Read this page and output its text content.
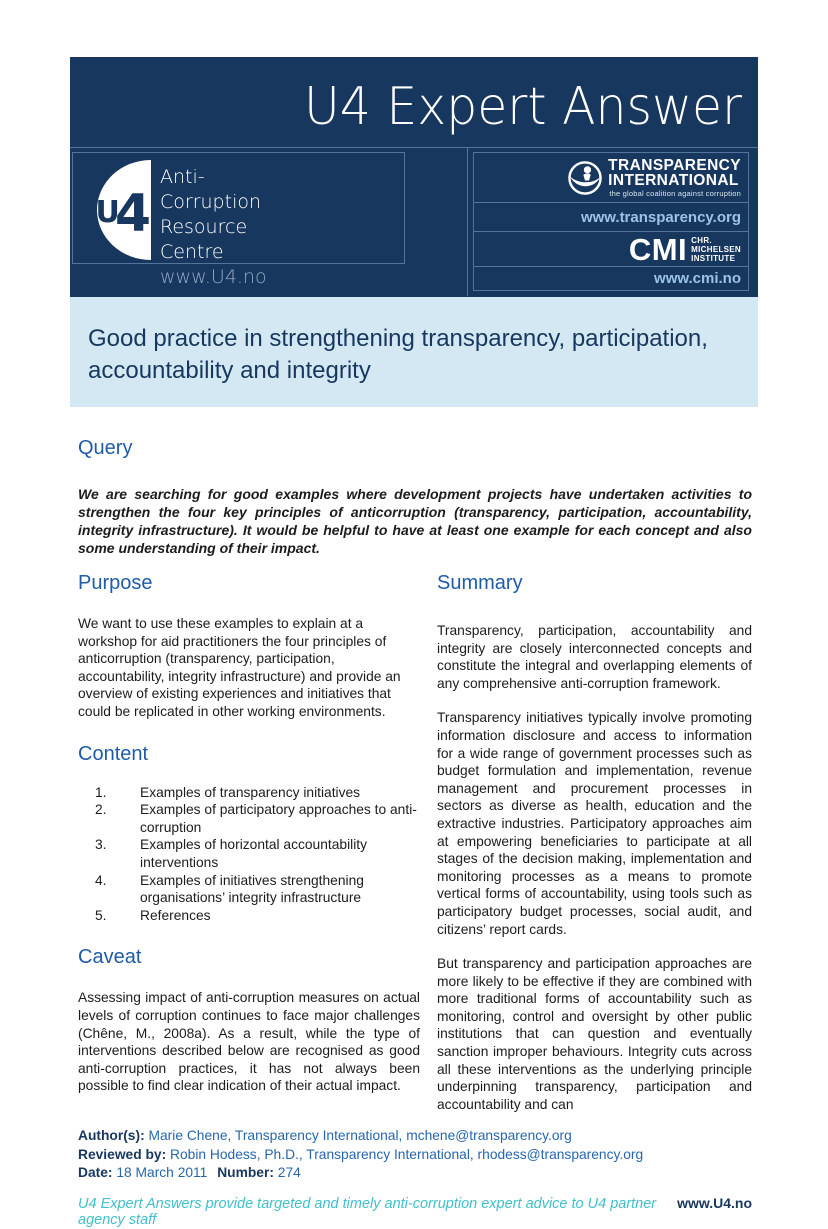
U4 Expert Answer
U
4
Anti-
Corruption
Resource
Centre
www.U4.no
TRANSPARENCY
INTERNATIONAL
the global coalition against corruption
www.transparency.org
CMI CHR.
MICHELSEN
INSTITUTE
www.cmi.no
Good practice in strengthening transparency, participation, accountability and integrity
Query

We are searching for good examples where development projects have undertaken activities to strengthen the four key principles of anticorruption (transparency, participation, accountability, integrity infrastructure). It would be helpful to have at least one example for each concept and also some understanding of their impact.

Purpose

We want to use these examples to explain at a workshop for aid practitioners the four principles of anticorruption (transparency, participation, accountability, integrity infrastructure) and provide an overview of existing experiences and initiatives that could be replicated in other working environments.

Content
1.	Examples of transparency initiatives
2.	Examples of participatory approaches to anti-corruption
3.	Examples of horizontal accountability interventions
4.	Examples of initiatives strengthening organisations’ integrity infrastructure
5.	References
Caveat

Assessing impact of anti-corruption measures on actual levels of corruption continues to face major challenges (Chêne, M., 2008a). As a result, while the type of interventions described below are recognised as good anti-corruption practices, it has not always been possible to find clear indication of their actual impact.

Summary

Transparency, participation, accountability and integrity are closely interconnected concepts and constitute the integral and overlapping elements of any comprehensive anti-corruption framework.

Transparency initiatives typically involve promoting information disclosure and access to information for a wide range of government processes such as budget formulation and implementation, revenue management and procurement processes in sectors as diverse as health, education and the extractive industries. Participatory approaches aim at empowering beneficiaries to participate at all stages of the decision making, implementation and monitoring processes as a means to promote vertical forms of accountability, using tools such as participatory budget processes, social audit, and citizens’ report cards.

But transparency and participation approaches are more likely to be effective if they are combined with more traditional forms of accountability such as monitoring, control and oversight by other public institutions that can question and eventually sanction improper behaviours. Integrity cuts across all these interventions as the underlying principle underpinning transparency, participation and accountability and can

Author(s): Marie Chene, Transparency International, mchene@transparency.org
Reviewed by: Robin Hodess, Ph.D., Transparency International, rhodess@transparency.org
Date: 18 March 2011 Number: 274
U4 Expert Answers provide targeted and timely anti-corruption expert advice to U4 partner agency staff
www.U4.no
